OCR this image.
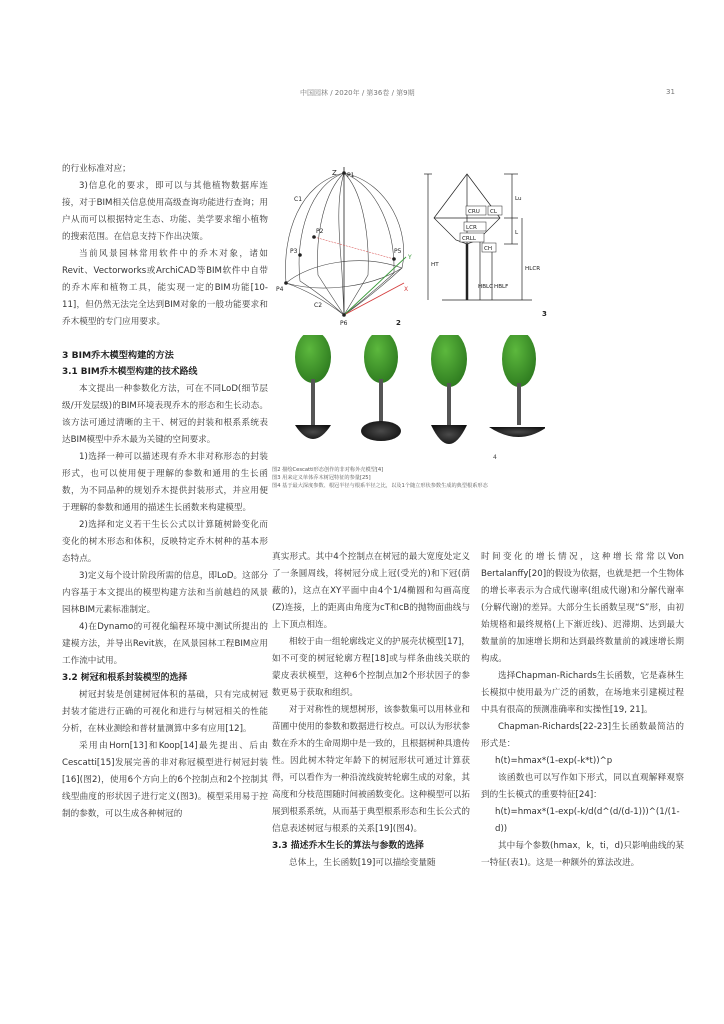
中国园林 / 2020年 / 第36卷 / 第9期	31

的行业标准对应；

3)信息化的要求，即可以与其他植物数据库连接，对于BIM相关信息使用高级查询功能进行查询；用户从而可以根据特定生态、功能、美学要求缩小植物的搜索范围。在信息支持下作出决策。

当前风景园林常用软件中的乔木对象，诸如Revit、Vectorworks或ArchiCAD等BIM软件中自带的乔木库和植物工具，能实现一定的BIM功能[10-11]，但仍然无法完全达到BIM对象的一般功能要求和乔木模型的专门应用要求。

3 BIM乔木模型构建的方法

3.1 BIM乔木模型构建的技术路线

本文提出一种参数化方法，可在不同LoD(细节层级/开发层级)的BIM环境表现乔木的形态和生长动态。该方法可通过清晰的主干、树冠的封装和根系系统表达BIM模型中乔木最为关键的空间要求。

1)选择一种可以描述现有乔木非对称形态的封装形式，也可以使用便于理解的参数和通用的生长函数，为不同品种的规划乔木提供封装形式，并应用便于理解的参数和通用的描述生长函数来构建模型。

2)选择和定义若干生长公式以计算随树龄变化而变化的树木形态和体积，反映特定乔木树种的基本形态特点。

3)定义每个设计阶段所需的信息，即LoD。这部分内容基于本文提出的模型构建方法和当前越趋的风景园林BIM元素标准制定。

4)在Dynamo的可视化编程环境中测试所提出的建模方法，并导出Revit族，在风景园林工程BIM应用工作流中试用。

3.2 树冠和根系封装模型的选择

树冠封装是创建树冠体积的基础，只有完成树冠封装才能进行正确的可视化和进行与树冠相关的性能分析，在林业测绘和普材量测算中多有应用[12]。

采用由Horn[13]和Koop[14]最先提出、后由Cescatti[15]发展完善的非对称冠模型进行树冠封装[16](图2)，使用6个方向上的6个控制点和2个控制其线型曲度的形状因子进行定义(图3)。模型采用易于控制的参数，可以生成各种树冠的

真实形式。其中4个控制点在树冠的最大宽度处定义了一条圆周线，将树冠分成上冠(受光的)和下冠(荫蔽的)，这点在XY平面中由4个1/4椭圆和勾画高度(Z)连接，上的距离由角度为cT和cB的抛物面曲线与上下顶点相连。

相较于由一组轮廓线定义的护展壳状模型[17]，如不可变的树冠轮廓方程[18]或与样条曲线关联的蒙皮表状模型，这种6个控制点加2个形状因子的参数更易于获取和组织。

对于对称性的规想树形，该参数集可以用林业和苗圃中使用的参数和数据进行校点。可以认为形状参数在乔木的生命周期中是一致的，且根据树种具遗传性。因此树木特定年龄下的树冠形状可通过计算获得，可以看作为一种沿流线旋转轮廓生成的对象，其高度和分枝范围随时间被函数变化。这种模型可以拓展到根系系统，从而基于典型根系形态和生长公式的信息表述树冠与根系的关系[19](图4)。

3.3 描述乔木生长的算法与参数的选择

总体上，生长函数[19]可以描绘变量随

时间变化的增长情况，这种增长常常以Von Bertalanffy[20]的假设为依据，也就是把一个生物体的增长率表示为合成代谢率(组成代谢)和分解代谢率(分解代谢)的差异。大部分生长函数呈现“S”形，由初始规格和最终规格(上下渐近线)、迟滞期、达到最大数量前的加速增长期和达到最终数量前的减速增长期构成。

选择Chapman-Richards生长函数，它是森林生长模拟中使用最为广泛的函数，在场地来引建模过程中具有很高的预测准确率和实操性[19, 21]。

Chapman-Richards[22-23]生长函数最简洁的形式是：

h(t)=hmax*(1-exp(-k*t))^p

该函数也可以写作如下形式，同以直观解释观察到的生长模式的重要特征[24]：

h(t)=hmax*(1-exp(-k/d(d^(d/(d-1)))^(1/(1-d))

其中每个参数(hmax，k，ti，d)只影响曲线的某一特征(表1)。这是一种额外的算法改进。

Z P1
C1
P2
P3	P5
Y
P4
C2
X
P6	2
CRU CL
LCR
CRLL
CH
Lu
L
HT
HBLC HBLF
HLCR
3
4
图2 描绘Cescatti形态创作的非对称外壳模型[4]
图3 用来定义单体乔木树冠特征的参量[25]
图4 基于最大深度参数、根冠半径与根系半径之比，以及1个随立形状参数生成的典型根系形态
